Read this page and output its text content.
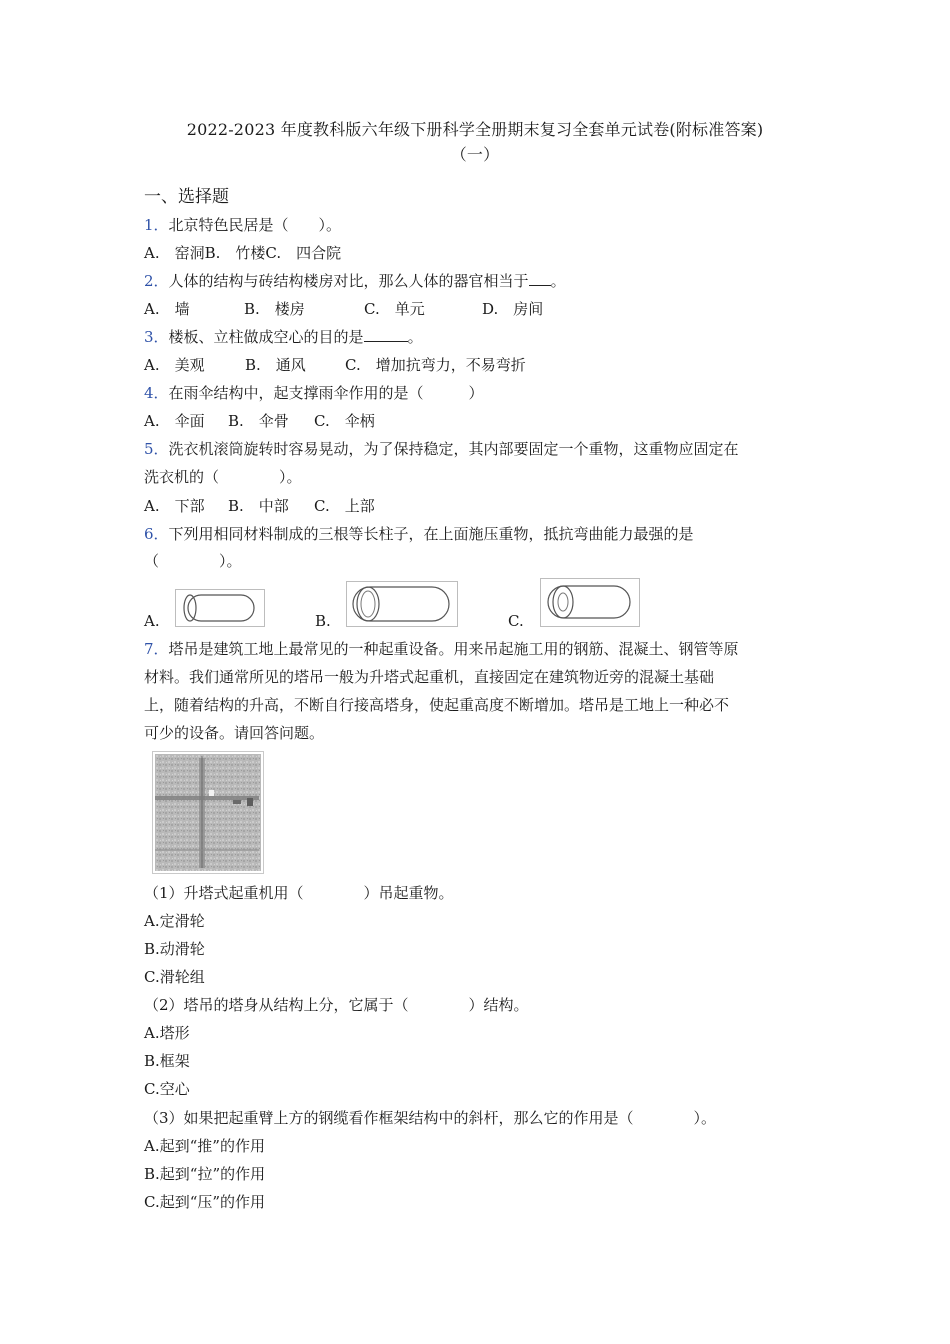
2022-2023 年度教科版六年级下册科学全册期末复习全套单元试卷(附标准答案)
（一）
一、选择题
1．北京特色民居是（　　）。
A.　窑洞B.　竹楼C.　四合院
2．人体的结构与砖结构楼房对比，那么人体的器官相当于 。
A.　墙	B.　楼房	C.　单元	D.　房间
3．楼板、立柱做成空心的目的是	。
A.　美观	B.　通风	C.　增加抗弯力，不易弯折
4．在雨伞结构中，起支撑雨伞作用的是（　　　）
A.　伞面 B.　伞骨 C.　伞柄
5．洗衣机滚筒旋转时容易晃动，为了保持稳定，其内部要固定一个重物，这重物应固定在
洗衣机的（　　　　）。
A.　下部 B.　中部 C.　上部
6．下列用相同材料制成的三根等长柱子，在上面施压重物，抵抗弯曲能力最强的是
（　　　　）。
A.	B.	C.
7．塔吊是建筑工地上最常见的一种起重设备。用来吊起施工用的钢筋、混凝土、钢管等原
材料。我们通常所见的塔吊一般为升塔式起重机，直接固定在建筑物近旁的混凝土基础
上，随着结构的升高，不断自行接高塔身，使起重高度不断增加。塔吊是工地上一种必不
可少的设备。请回答问题。
（1）升塔式起重机用（　　　　）吊起重物。
A.定滑轮
B.动滑轮
C.滑轮组
（2）塔吊的塔身从结构上分，它属于（　　　　）结构。
A.塔形
B.框架
C.空心
（3）如果把起重臂上方的钢缆看作框架结构中的斜杆，那么它的作用是（　　　　）。
A.起到“推”的作用
B.起到“拉”的作用
C.起到“压”的作用
